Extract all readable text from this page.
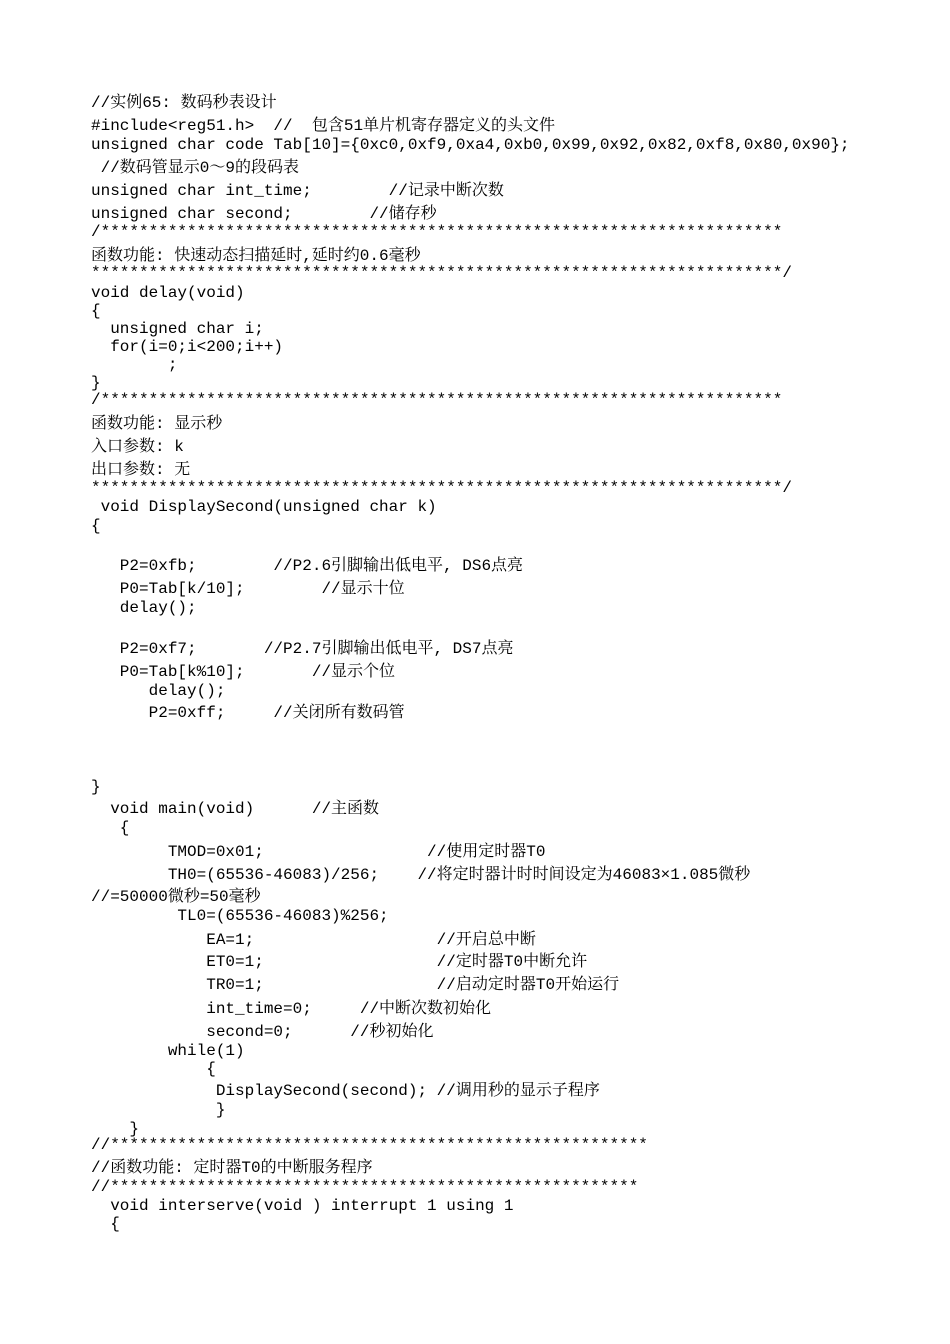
//实例65: 数码秒表设计
#include<reg51.h>  //  包含51单片机寄存器定义的头文件
unsigned char code Tab[10]={0xc0,0xf9,0xa4,0xb0,0x99,0x92,0x82,0xf8,0x80,0x90};
//数码管显示0～9的段码表
unsigned char int_time;        //记录中断次数
unsigned char second;        //储存秒
/***********************************************************************
函数功能: 快速动态扫描延时,延时约0.6毫秒
************************************************************************/
void delay(void)
{
unsigned char i;
for(i=0;i<200;i++)
;
}
/***********************************************************************
函数功能: 显示秒
入口参数: k
出口参数: 无
************************************************************************/
void DisplaySecond(unsigned char k)
{
P2=0xfb;        //P2.6引脚输出低电平, DS6点亮
P0=Tab[k/10];        //显示十位
delay();
P2=0xf7;       //P2.7引脚输出低电平, DS7点亮
P0=Tab[k%10];       //显示个位
delay();
P2=0xff;     //关闭所有数码管
}
void main(void)      //主函数
{
TMOD=0x01;                 //使用定时器T0
TH0=(65536-46083)/256;    //将定时器计时时间设定为46083×1.085微秒
//=50000微秒=50毫秒
TL0=(65536-46083)%256;
EA=1;                   //开启总中断
ET0=1;                  //定时器T0中断允许
TR0=1;                  //启动定时器T0开始运行
int_time=0;     //中断次数初始化
second=0;      //秒初始化
while(1)
{
DisplaySecond(second); //调用秒的显示子程序
}
}
//********************************************************
//函数功能: 定时器T0的中断服务程序
//*******************************************************
void interserve(void ) interrupt 1 using 1
{
